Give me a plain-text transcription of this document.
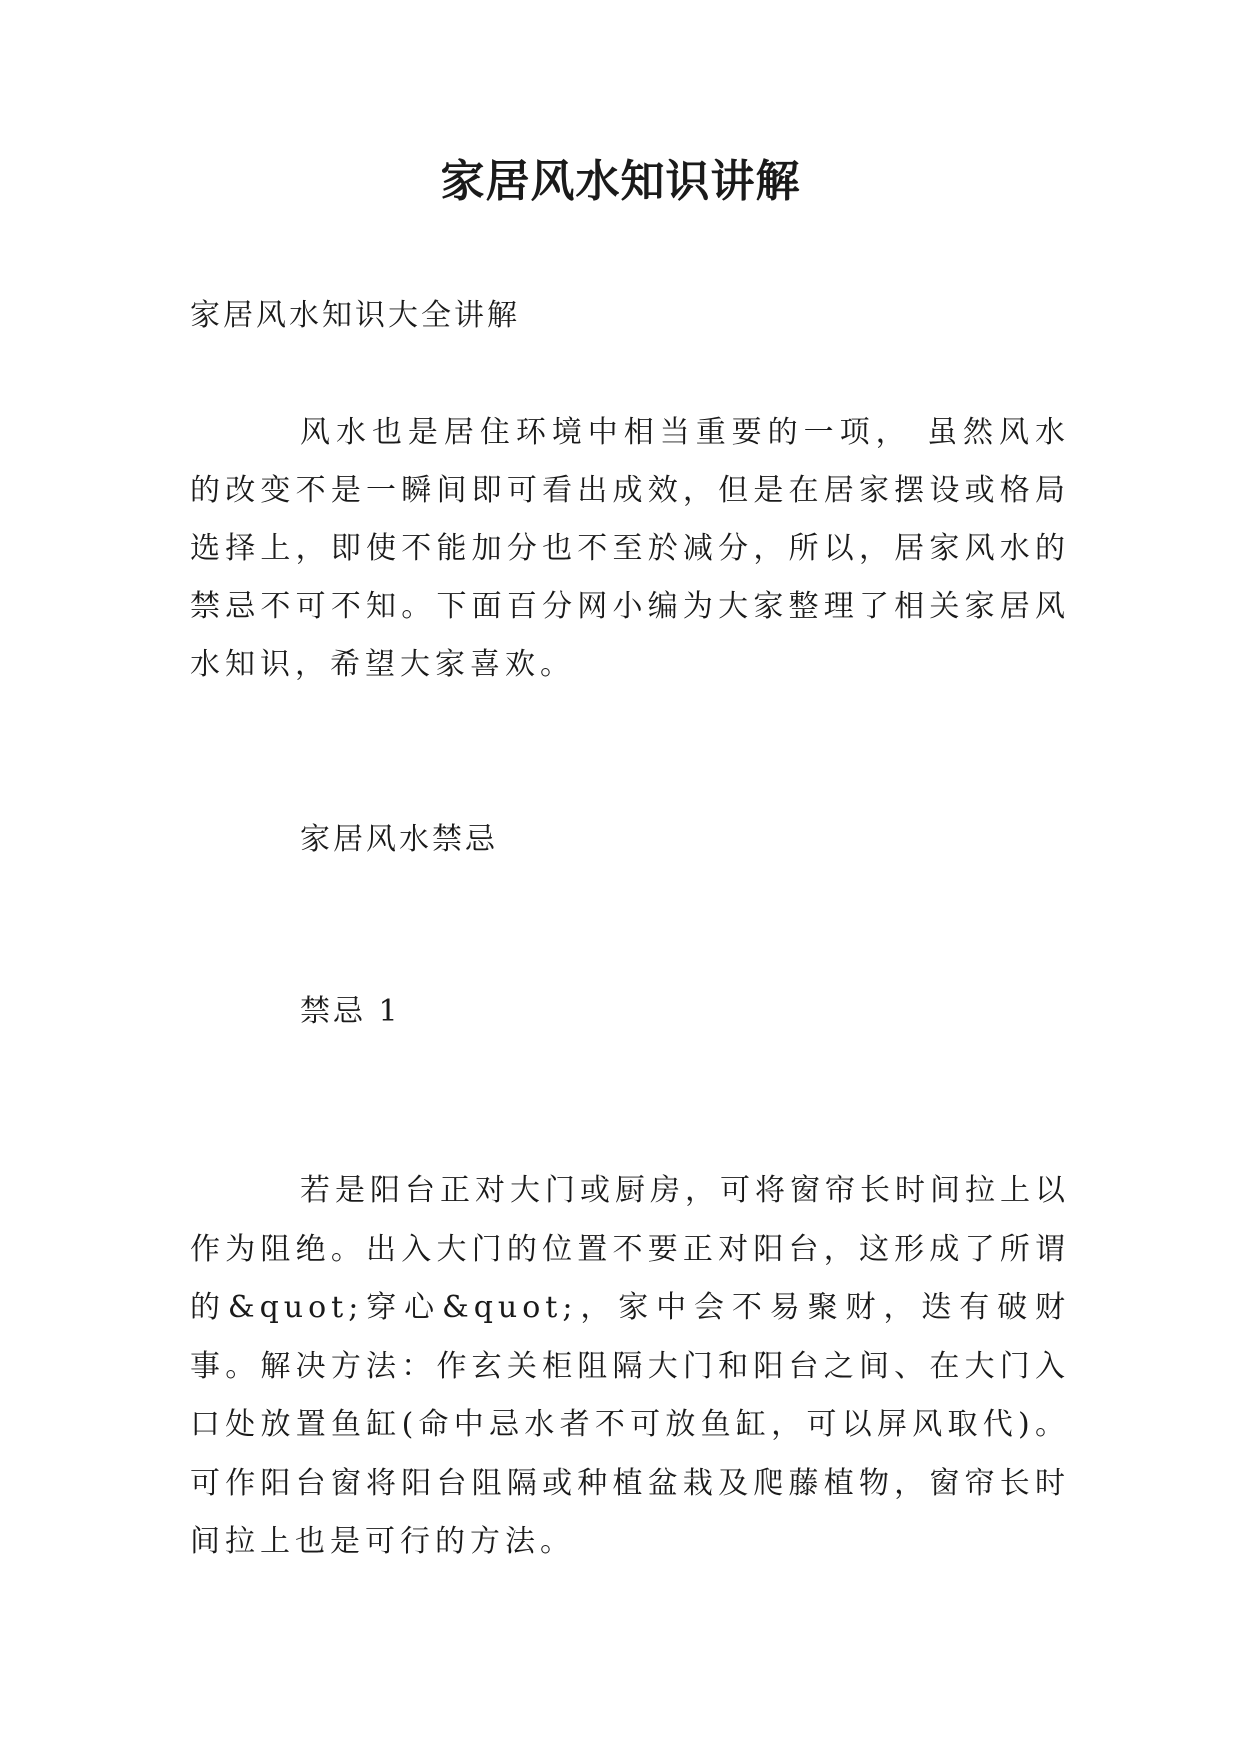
家居风水知识讲解
家居风水知识大全讲解
风水也是居住环境中相当重要的一项， 虽然风水的改变不是一瞬间即可看出成效，但是在居家摆设或格局选择上，即使不能加分也不至於减分，所以，居家风水的禁忌不可不知。下面百分网小编为大家整理了相关家居风水知识，希望大家喜欢。
家居风水禁忌
禁忌 1
若是阳台正对大门或厨房，可将窗帘长时间拉上以作为阻绝。出入大门的位置不要正对阳台，这形成了所谓的&quot;穿心&quot;，家中会不易聚财，迭有破财事。解决方法：作玄关柜阻隔大门和阳台之间、在大门入口处放置鱼缸(命中忌水者不可放鱼缸，可以屏风取代)。可作阳台窗将阳台阻隔或种植盆栽及爬藤植物，窗帘长时间拉上也是可行的方法。
